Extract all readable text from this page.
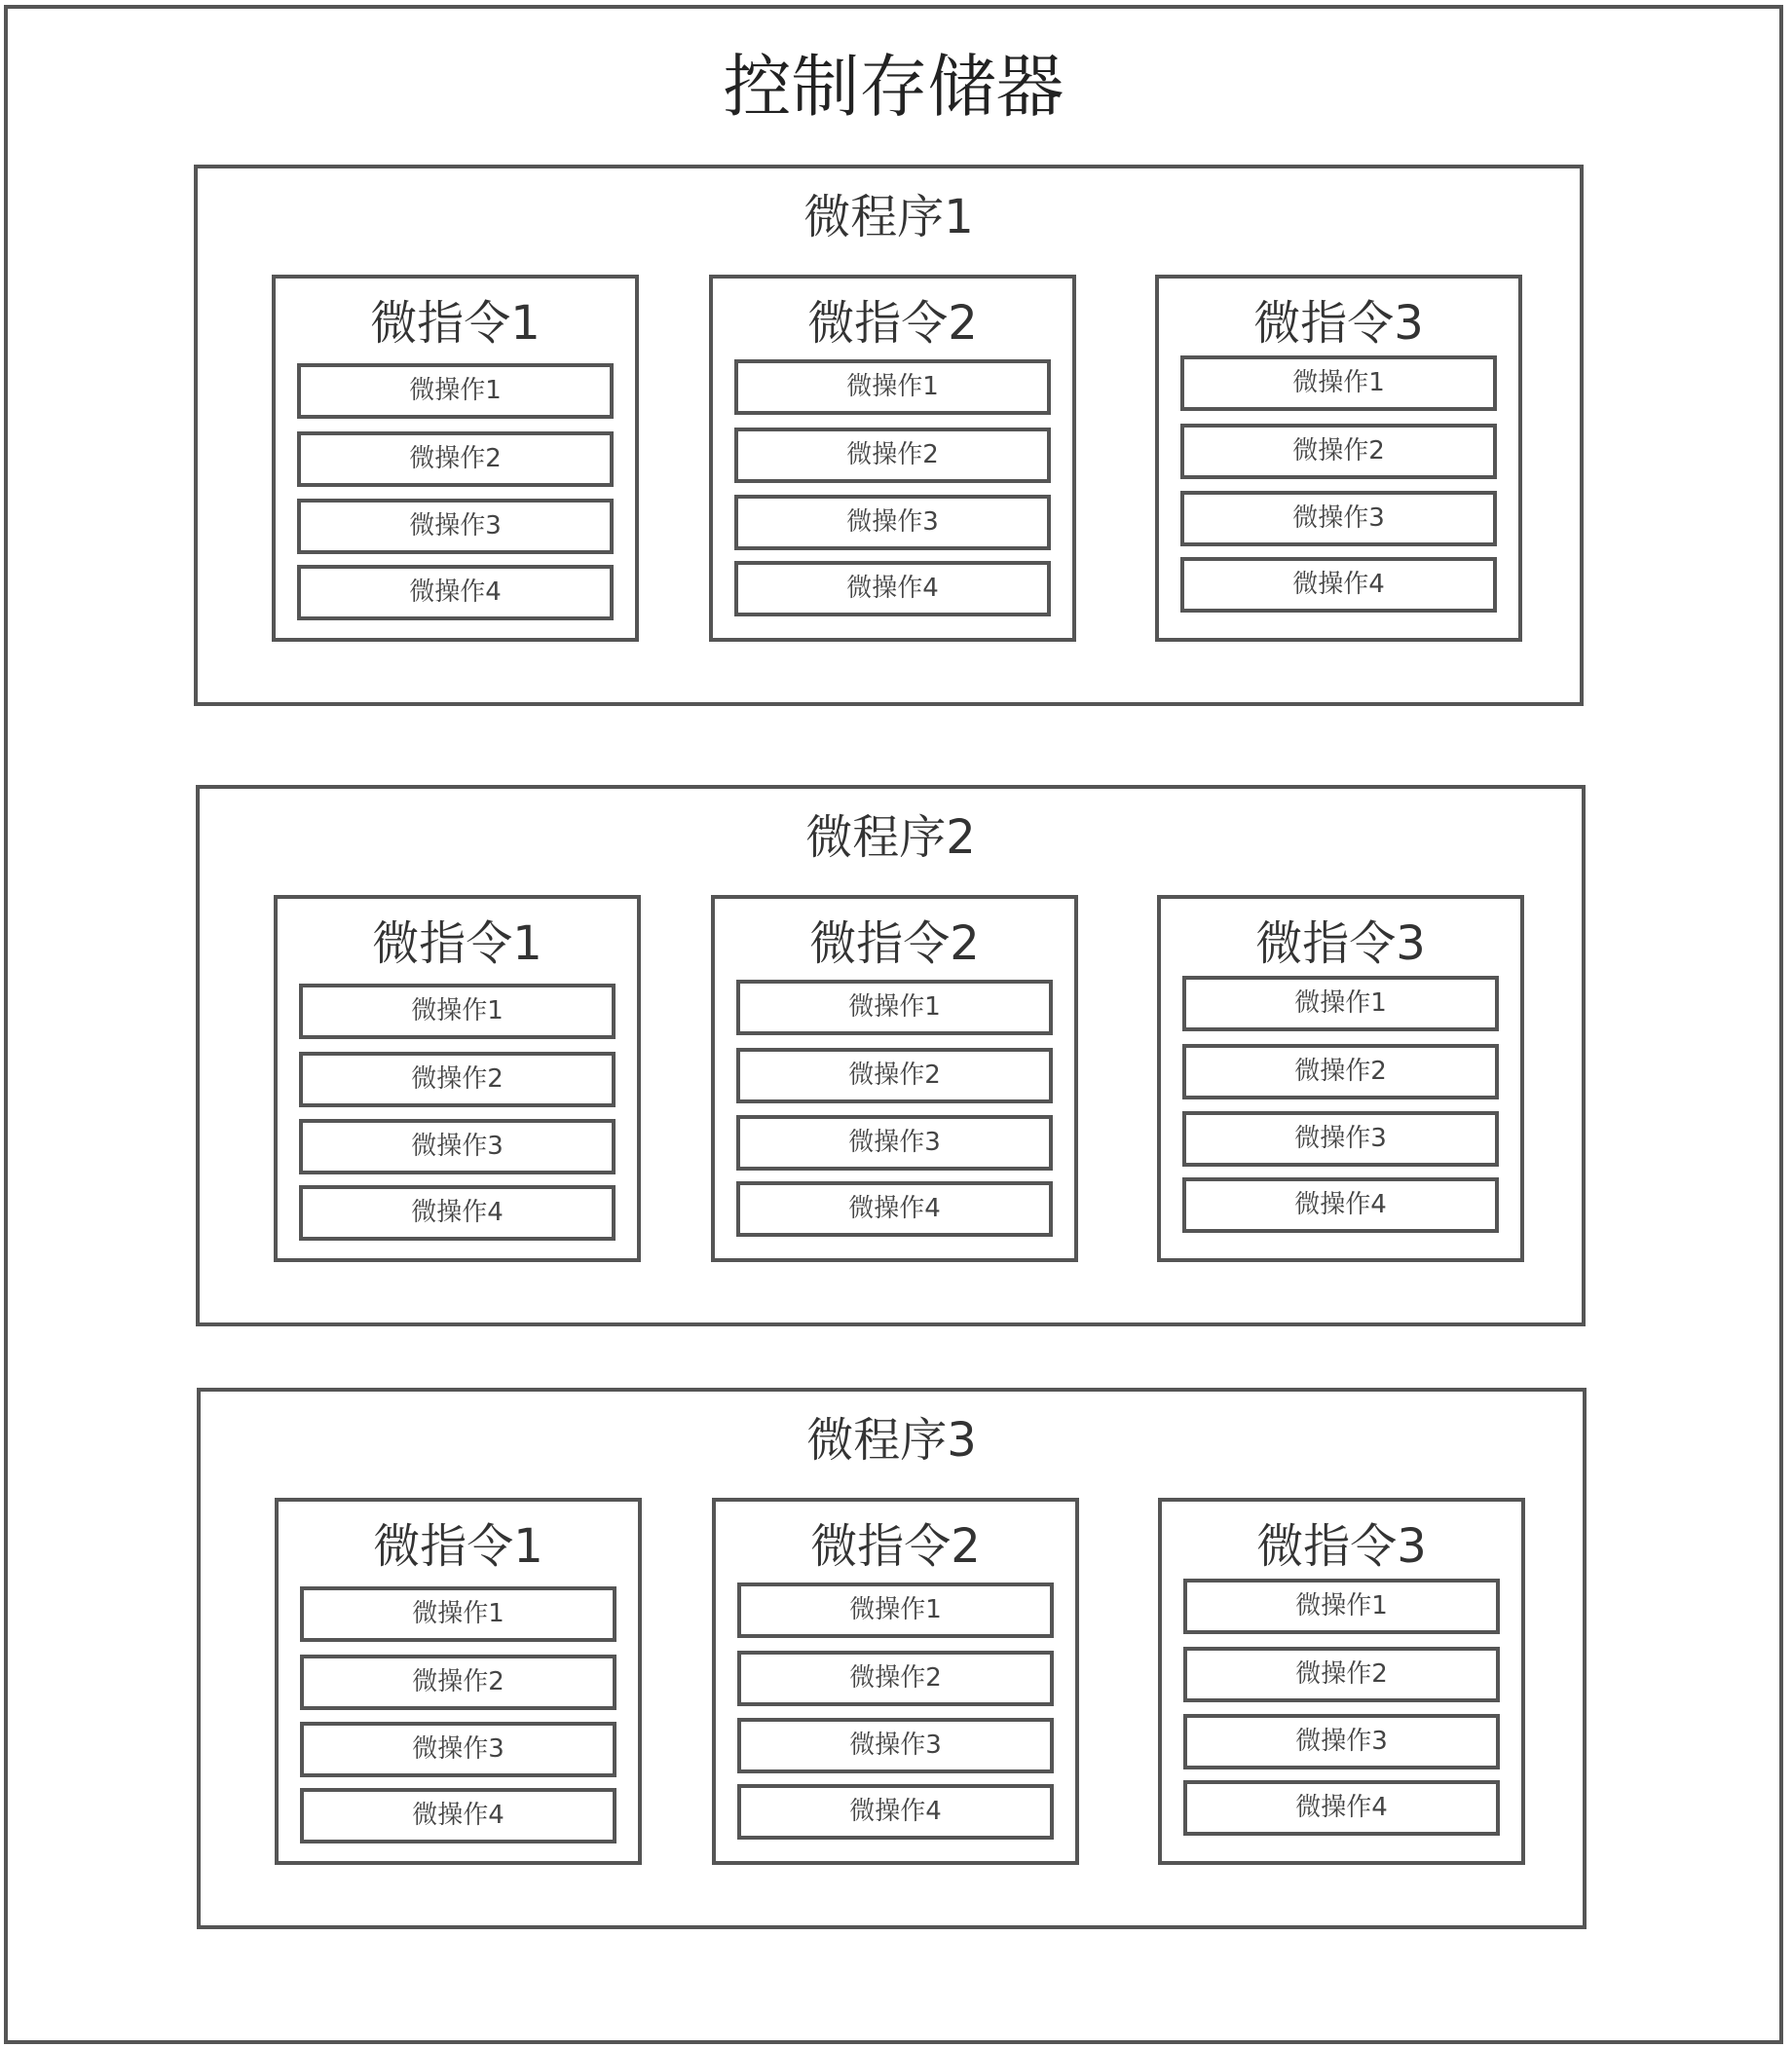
控制存储器
微程序1
微指令1
微操作1
微操作2
微操作3
微操作4
微指令2
微操作1
微操作2
微操作3
微操作4
微指令3
微操作1
微操作2
微操作3
微操作4
微程序2
微指令1
微操作1
微操作2
微操作3
微操作4
微指令2
微操作1
微操作2
微操作3
微操作4
微指令3
微操作1
微操作2
微操作3
微操作4
微程序3
微指令1
微操作1
微操作2
微操作3
微操作4
微指令2
微操作1
微操作2
微操作3
微操作4
微指令3
微操作1
微操作2
微操作3
微操作4
